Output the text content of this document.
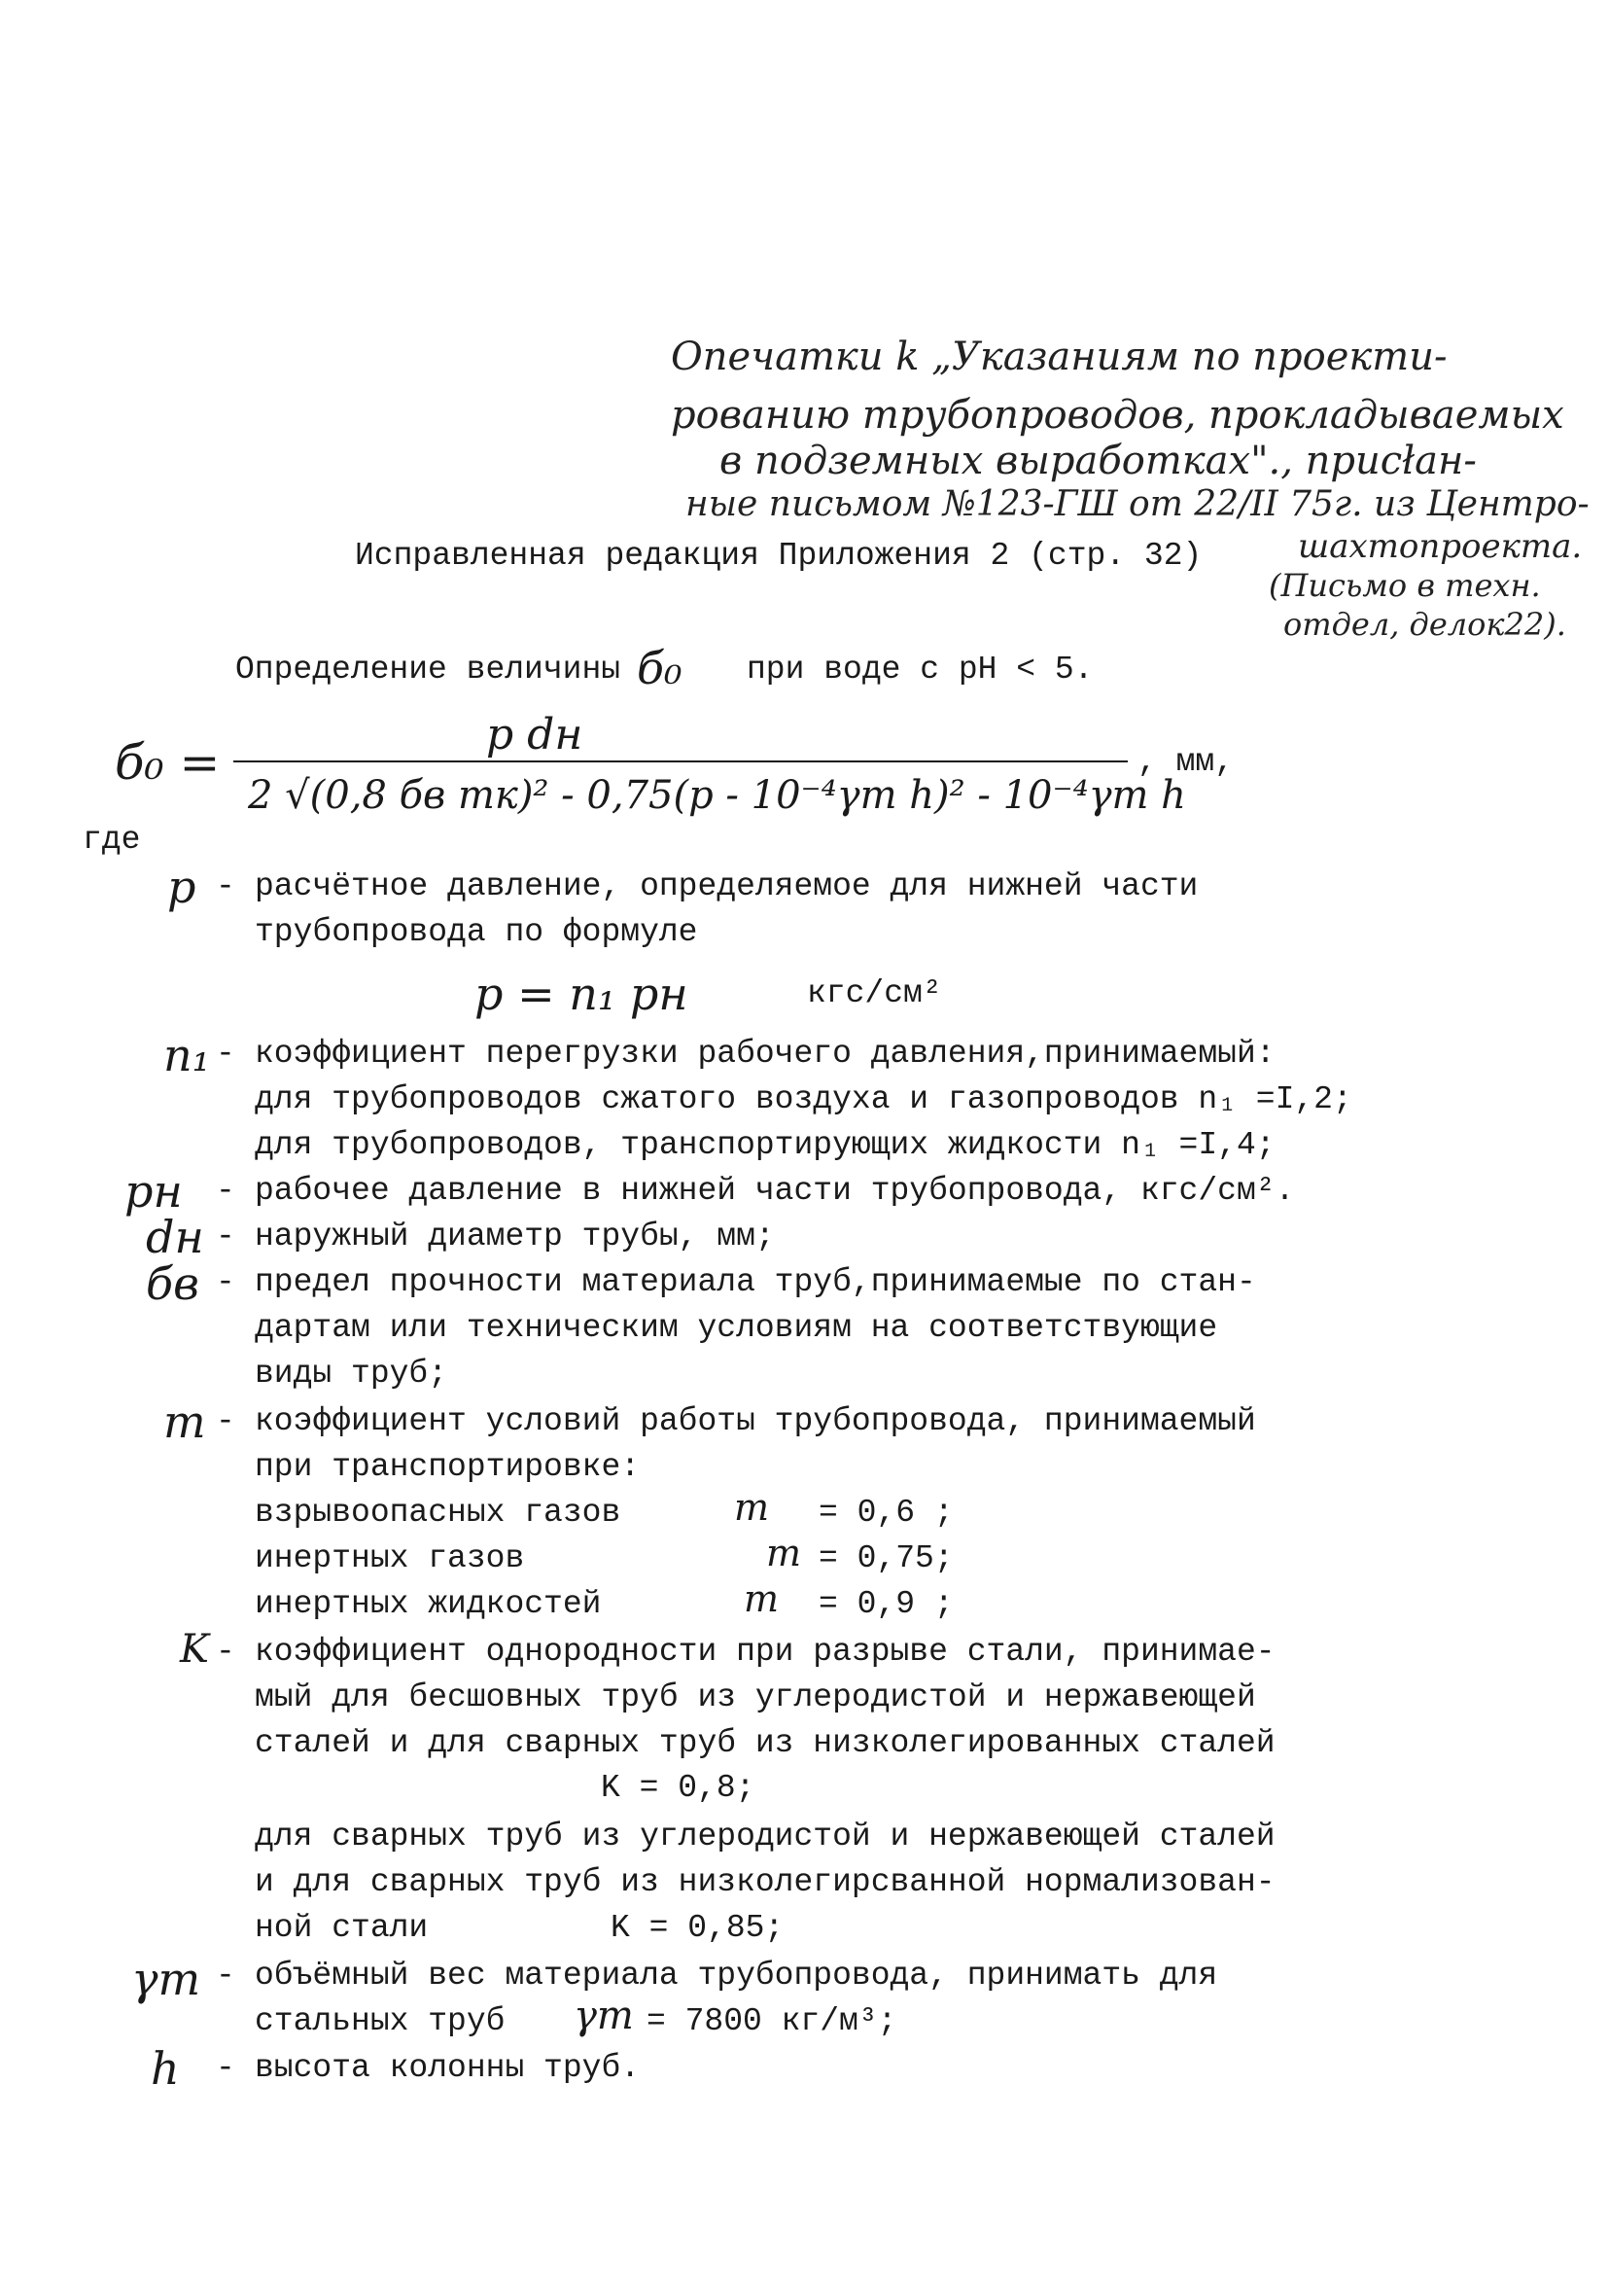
Опечатки k „Указаниям по проекти-
рованию трубопроводов, прокладываемых
в подземных выработках"., присłан-
ные письмом №123-ГШ от 22/II 75г. из Центро-
шахтопроекта.
(Письмо в техн.
отдел, делок22).
Исправленная редакция Приложения 2 (стр. 32)
Определение величины б₀ при воде с pH < 5.
б₀ =	p dн
2 √(0,8 бв mк)² - 0,75(p - 10⁻⁴γт h)² - 10⁻⁴γт h
, мм,
где
p - расчётное давление, определяемое для нижней части
трубопровода по формуле
p = n₁ pн	кгс/см²
n₁ - коэффициент перегрузки рабочего давления,принимаемый:
для трубопроводов сжатого воздуха и газопроводов n₁ =I,2;
для трубопроводов, транспортирующих жидкости n₁ =I,4;
pн - рабочее давление в нижней части трубопровода, кгс/см².
dн - наружный диаметр трубы, мм;
бв - предел прочности материала труб,принимаемые по стан-
дартам или техническим условиям на соответствующие
виды труб;
m - коэффициент условий работы трубопровода, принимаемый
при транспортировке:
взрывоопасных газов	m = 0,6 ;
инертных газов	m = 0,75;
инертных жидкостей	m = 0,9 ;
K - коэффициент однородности при разрыве стали, принимае-
мый для бесшовных труб из углеродистой и нержавеющей
сталей и для сварных труб из низколегированных сталей
K = 0,8;
для сварных труб из углеродистой и нержавеющей сталей
и для сварных труб из низколегирсванной нормализован-
ной стали	K = 0,85;
γт - объёмный вес материала трубопровода, принимать для
стальных труб γт = 7800 кг/м³;
h - высота колонны труб.
